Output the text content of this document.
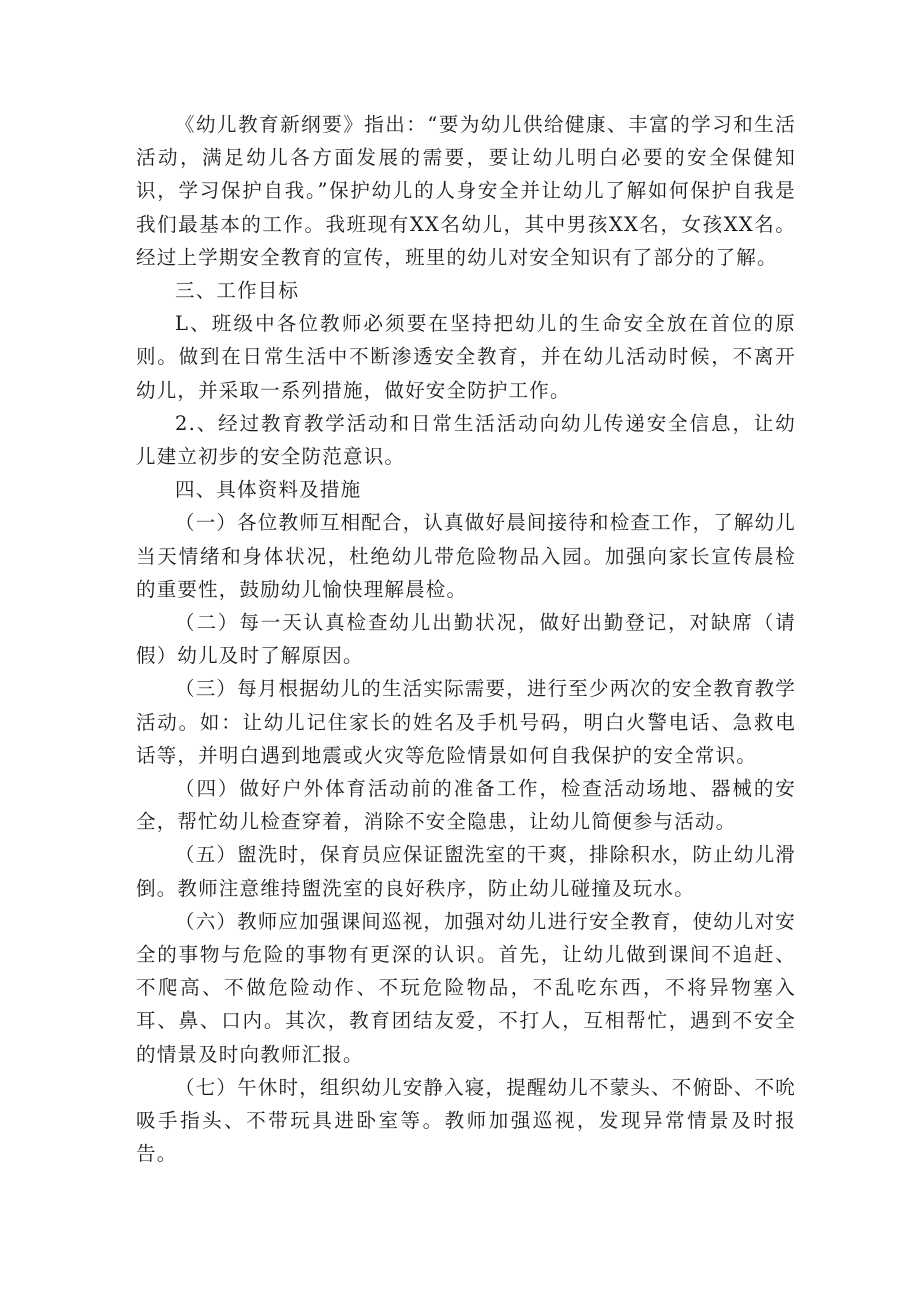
《幼儿教育新纲要》指出：“要为幼儿供给健康、丰富的学习和生活活动，满足幼儿各方面发展的需要，要让幼儿明白必要的安全保健知识，学习保护自我。”保护幼儿的人身安全并让幼儿了解如何保护自我是我们最基本的工作。我班现有XX名幼儿，其中男孩XX名，女孩XX名。经过上学期安全教育的宣传，班里的幼儿对安全知识有了部分的了解。

三、工作目标

L、班级中各位教师必须要在坚持把幼儿的生命安全放在首位的原则。做到在日常生活中不断渗透安全教育，并在幼儿活动时候，不离开幼儿，并采取一系列措施，做好安全防护工作。

2.、经过教育教学活动和日常生活活动向幼儿传递安全信息，让幼儿建立初步的安全防范意识。

四、具体资料及措施

（一）各位教师互相配合，认真做好晨间接待和检查工作，了解幼儿当天情绪和身体状况，杜绝幼儿带危险物品入园。加强向家长宣传晨检的重要性，鼓励幼儿愉快理解晨检。

（二）每一天认真检查幼儿出勤状况，做好出勤登记，对缺席（请假）幼儿及时了解原因。

（三）每月根据幼儿的生活实际需要，进行至少两次的安全教育教学活动。如：让幼儿记住家长的姓名及手机号码，明白火警电话、急救电话等，并明白遇到地震或火灾等危险情景如何自我保护的安全常识。

（四）做好户外体育活动前的准备工作，检查活动场地、器械的安全，帮忙幼儿检查穿着，消除不安全隐患，让幼儿简便参与活动。

（五）盥洗时，保育员应保证盥洗室的干爽，排除积水，防止幼儿滑倒。教师注意维持盥洗室的良好秩序，防止幼儿碰撞及玩水。

（六）教师应加强课间巡视，加强对幼儿进行安全教育，使幼儿对安全的事物与危险的事物有更深的认识。首先，让幼儿做到课间不追赶、不爬高、不做危险动作、不玩危险物品，不乱吃东西，不将异物塞入耳、鼻、口内。其次，教育团结友爱，不打人，互相帮忙，遇到不安全的情景及时向教师汇报。

（七）午休时，组织幼儿安静入寝，提醒幼儿不蒙头、不俯卧、不吮吸手指头、不带玩具进卧室等。教师加强巡视，发现异常情景及时报告。
